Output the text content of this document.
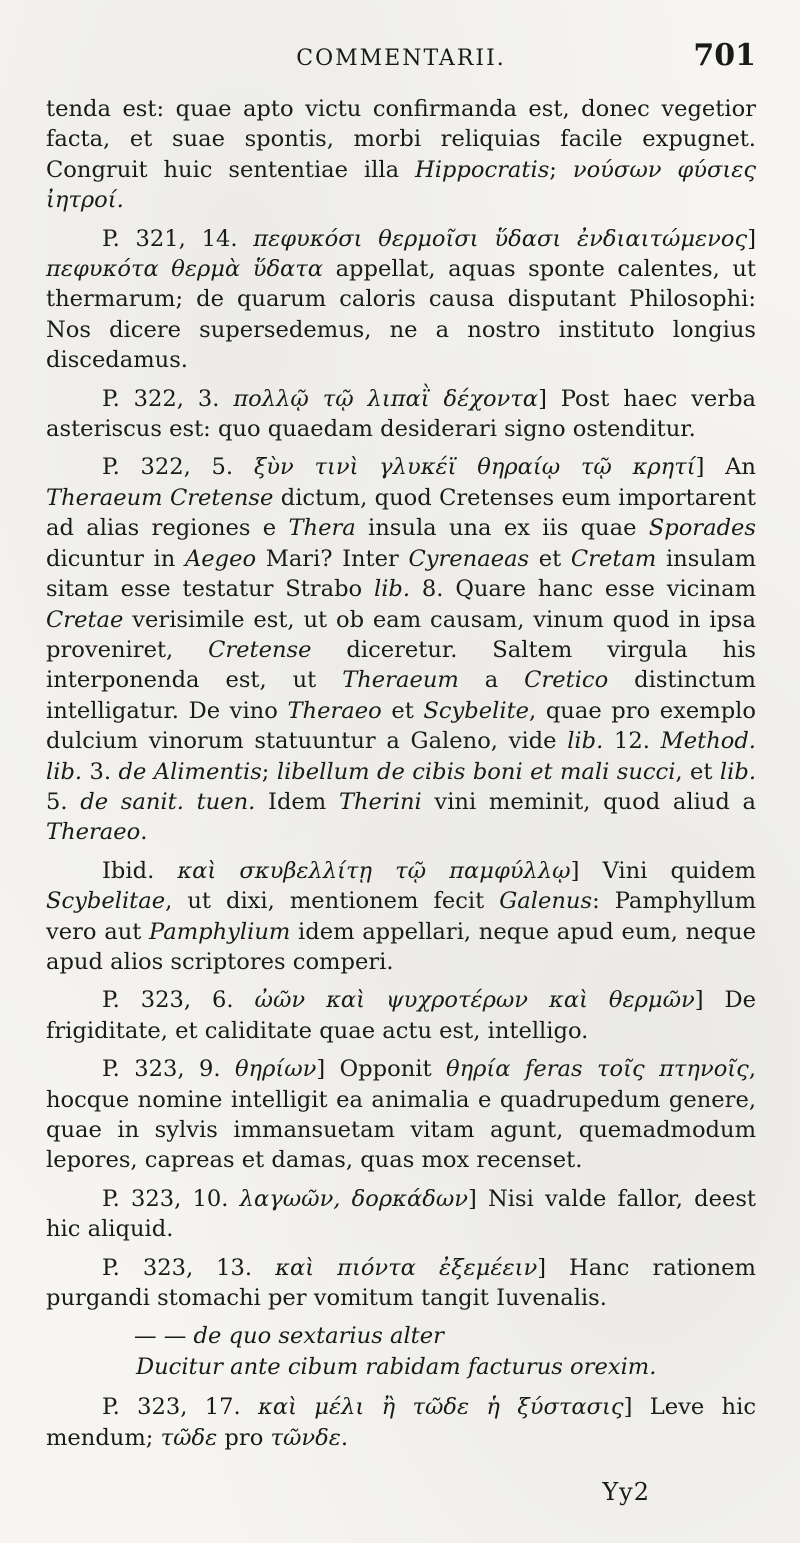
COMMENTARII.	701

tenda est: quae apto victu confirmanda est, donec vegetior facta, et suae spontis, morbi reliquias facile expugnet. Congruit huic sententiae illa Hippocratis; νούσων φύσιες ἰητροί.

P. 321, 14. πεφυκόσι θερμοῖσι ὕδασι ἐνδιαιτώμενος] πεφυκότα θερμὰ ὕδατα appellat, aquas sponte calentes, ut thermarum; de quarum caloris causa disputant Philosophi: Nos dicere supersedemus, ne a nostro instituto longius discedamus.

P. 322, 3. πολλῷ τῷ λιπαῒ δέχοντα] Post haec verba asteriscus est: quo quaedam desiderari signo ostenditur.

P. 322, 5. ξὺν τινὶ γλυκέϊ θηραίῳ τῷ κρητί] An Theraeum Cretense dictum, quod Cretenses eum importarent ad alias regiones e Thera insula una ex iis quae Sporades dicuntur in Aegeo Mari? Inter Cyrenaeas et Cretam insulam sitam esse testatur Strabo lib. 8. Quare hanc esse vicinam Cretae verisimile est, ut ob eam causam, vinum quod in ipsa proveniret, Cretense diceretur. Saltem virgula his interponenda est, ut Theraeum a Cretico distinctum intelligatur. De vino Theraeo et Scybelite, quae pro exemplo dulcium vinorum statuuntur a Galeno, vide lib. 12. Method. lib. 3. de Alimentis; libellum de cibis boni et mali succi, et lib. 5. de sanit. tuen. Idem Therini vini meminit, quod aliud a Theraeo.

Ibid. καὶ σκυβελλίτῃ τῷ παμφύλλῳ] Vini quidem Scybelitae, ut dixi, mentionem fecit Galenus: Pamphyllum vero aut Pamphylium idem appellari, neque apud eum, neque apud alios scriptores comperi.

P. 323, 6. ὠῶν καὶ ψυχροτέρων καὶ θερμῶν] De frigiditate, et caliditate quae actu est, intelligo.

P. 323, 9. θηρίων] Opponit θηρία feras τοῖς πτηνοῖς, hocque nomine intelligit ea animalia e quadrupedum genere, quae in sylvis immansuetam vitam agunt, quemadmodum lepores, capreas et damas, quas mox recenset.

P. 323, 10. λαγωῶν, δορκάδων] Nisi valde fallor, deest hic aliquid.

P. 323, 13. καὶ πιόντα ἐξεμέειν] Hanc rationem purgandi stomachi per vomitum tangit Iuvenalis.

— — de quo sextarius alter
Ducitur ante cibum rabidam facturus orexim.

P. 323, 17. καὶ μέλι ἢ τῶδε ἡ ξύστασις] Leve hic mendum; τῶδε pro τῶνδε.

Yy2
